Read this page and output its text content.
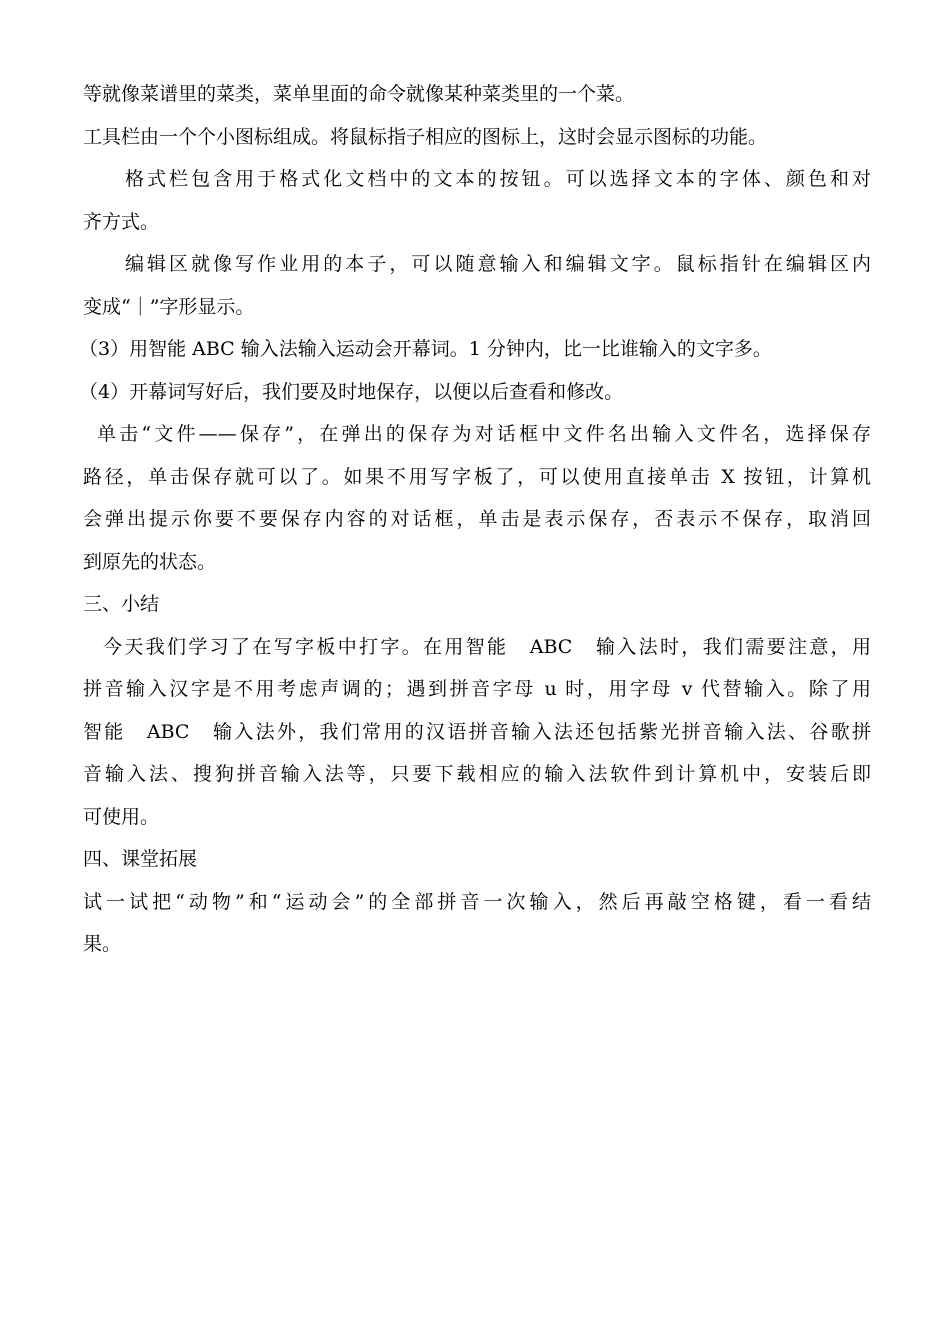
等就像菜谱里的菜类，菜单里面的命令就像某种菜类里的一个菜。
工具栏由一个个小图标组成。将鼠标指子相应的图标上，这时会显示图标的功能。
格式栏包含用于格式化文档中的文本的按钮。可以选择文本的字体、颜色和对
齐方式。
编辑区就像写作业用的本子，可以随意输入和编辑文字。鼠标指针在编辑区内
变成“｜”字形显示。
（3）用智能 ABC 输入法输入运动会开幕词。1 分钟内，比一比谁输入的文字多。
（4）开幕词写好后，我们要及时地保存，以便以后查看和修改。
单击“文件——保存”，在弹出的保存为对话框中文件名出输入文件名，选择保存
路径，单击保存就可以了。如果不用写字板了，可以使用直接单击 X 按钮，计算机
会弹出提示你要不要保存内容的对话框，单击是表示保存，否表示不保存，取消回
到原先的状态。
三、小结
今天我们学习了在写字板中打字。在用智能　ABC　输入法时，我们需要注意，用
拼音输入汉字是不用考虑声调的；遇到拼音字母 u 时，用字母 v 代替输入。除了用
智能　ABC　输入法外，我们常用的汉语拼音输入法还包括紫光拼音输入法、谷歌拼
音输入法、搜狗拼音输入法等，只要下载相应的输入法软件到计算机中，安装后即
可使用。
四、课堂拓展
试一试把“动物”和“运动会”的全部拼音一次输入，然后再敲空格键，看一看结
果。
